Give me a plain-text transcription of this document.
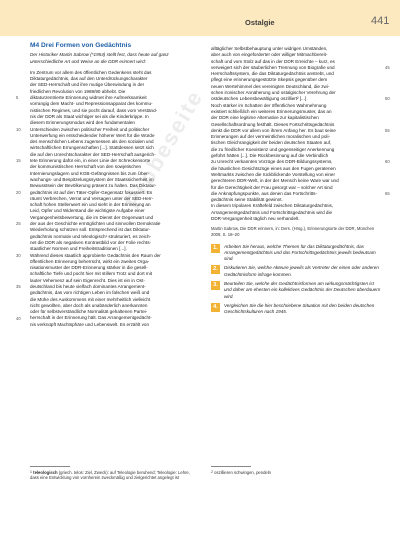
Ostalgie	441
Probeseite
M4 Drei Formen von Gedächtnis
Der Historiker Martin Sabrow (*1954) stellt fest, dass heute auf ganz unterschiedliche Art und Weise an die DDR erinnert wird:
Im Zentrum vor allem des öffentlichen Gedenkens steht das
Diktaturgedächtnis, das auf den Unterdrückungscharakter
der SED-Herrschaft und ihre mutige Überwindung in der
friedlichen Revolution von 1989/90 abhebt. Die
5	diktaturzentrierte Erinnerung widmet ihre Aufmerksamkeit
vorrangig dem Macht- und Repressionsapparat des kommu-
nistischen Regimes, und sie pocht darauf, dass vom Verständ-
nis der DDR als Staat wichtiger sei als die Kinderkrippe. In
diesem Erinnerungsmodus wird den fundamentalen
10 Unterschieden zwischen politischer Freiheit und politischer
Unterwerfung ein entscheidender höherer Wert für die Würde
des menschlichen Lebens zugemessen als den sozialen und
wirtschaftlichen Errungenschaften [...]. Stattdessen setzt sich
die auf den Unrechtscharakter der SED-Herrschaft ausgerich-
15 tete Erinnerung dafür ein, in einer Linie der Schreckensorte
der kommunistischen Herrschaft von den sowjetischen
Internierungslagern und KGB-Gefängnissen bis zum Über-
wachungs- und Bespitzelungssystem der Staatssicherheit im
Bewusstsein der Bevölkerung präsent zu halten. Das Diktatur-
20 gedächtnis ist auf den Täter-Opfer-Gegensatz fokussiert. Es
räumt Verbrechen, Verrat und Versagen unter der SED-Herr-
schaft hohen Stellenwert ein und sieht in der Erinnerung an
Leid, Opfer und Widerstand die wichtigste Aufgabe einer
Vergangenheitsbewertung, die im Dienst der Gegenwart und
25 der aus der Geschichte ermöglichten und sinnvollen Demokratie
Wiederholung schützen soll. Entsprechend ist das Diktatur-
gedächtnis normativ und teleologisch¹ strukturiert, es zeich-
net die DDR als negativen Kontrastbild vor der Folie rechts-
staatlicher Normen und Freiheitstraditionen [...].
30 Während dieses staatlich approbierte Gedächtnis den Raum der
öffentlichen Erinnerung beherrscht, wirkt ein zweites Orga-
nisationsmuster der DDR-Erinnerung stärker in die gesell-
schaftliche Tiefe und pocht hier mit stillem Trotz und dort mit
lauter Vehemenz auf sein Eigenrecht. Dies ist ein in Ost-
35 deutschland bis heute vielfach dominantes Arrangement-
gedächtnis, das vom richtigen Leben im falschen weiß und
die Mühe des Auskommens mit einer mehrheitlich vielleicht
nicht gewollten, aber doch als unabänderlich anerkannten
oder für selbstverständliche Normalität gehaltenen Partei-
40 herrschaft in der Erinnerung hält. Das Arrangementgedächt-
nis verknüpft Machtsphäre und Lebenswelt. Es erzählt von
alltäglicher Selbstbehauptung unter widrigen Umständen,
aber auch von eingeforderter oder williger Mitmachbereit-
schaft und vom Stolz auf das in der DDR Erreichte – kurz, es
45
verweigert sich der säuberlichen Trennung von Biografie und
Herrschaftssystem, die das Diktaturgedächtnis anstrebt, und
pflegt eine erinnerungsgestützte Skepsis gegenüber dem
neuen Wertehimmel des vereinigten Deutschland, die zwi-
schen ironischer Annäherung und ostalgischer Verehrung der
50
ostdeutschen Lebensbewältigung oszilliert² [...]
Noch stärker im Schatten der öffentlichen Wahrnehmung
existiert schließlich ein weiteres Erinnerungsmuster, das an
der DDR eine legitime Alternative zur kapitalistischen
Gesellschaftsordnung festhält. Dieses Fortschrittsgedächtnis
55
denkt die DDR vor allem von ihrem Anfang her. Es baut seine
Erinnerungen auf der vermeintlichen moralischen und poli-
tischen Gleichrangigkeit der beiden deutschen Staaten auf,
die zu friedlicher Koexistenz und gegenseitiger Anerkennung
geführt hätten [...]. Die Rückbesinnung auf die Verbindlich
60
zu Unrecht verkannten Vorzüge des DDR-Bildungssystems,
die häuslichen Gesichtszüge eines aus den Fugen geratenen
Weltmarkts zwischen die rückblickende Vorstellung von einer
gerechteren DDR-Welt, in der der Mensch keine Ware war und
für die Gerechtigkeit der Frau gesorgt war – solcher Art sind
65
die Anknüpfungspunkte, aus denen das Fortschritts-
gedächtnis seine Stabilität gewinnt.
In diesem tripolaren Kräftefeld zwischen Diktaturgedächtnis,
Arrangementgedächtnis und Fortschrittsgedächtnis wird die
DDR-Vergangenheit täglich neu verhandelt.
Martin Sabrow, Die DDR erinnern, in: Ders. (Hrsg.), Erinnerungsorte der DDR, München 2009, S. 18–20
1.	Arbeiten Sie heraus, welche Themen für das Diktaturgedächtnis, das Arrangementgedächtnis und das Fortschrittsgedächtnis jeweils bedeutsam sind.
2.	Diskutieren Sie, welche Akteure jeweils als Vertreter der einen oder anderen Gedächtnisform infrage kommen.
3.	Beurteilen Sie, welche der Gedächtnisformen am wirkungsmächtigsten ist und daher am ehesten ein kollektives Gedächtnis der Deutschen überdauern wird.
4.	Vergleichen Sie die hier beschriebene Situation mit den beiden deutschen Geschichtskulturen nach 1945.
1 teleologisch (griech. telos: Ziel, Zweck): auf Teleologie beruhend; Teleologie: Lehre, dass eine Entwicklung von vornherein zweckmäßig und zielgerichtet angelegt ist
2 oszillieren schwingen, pendeln
